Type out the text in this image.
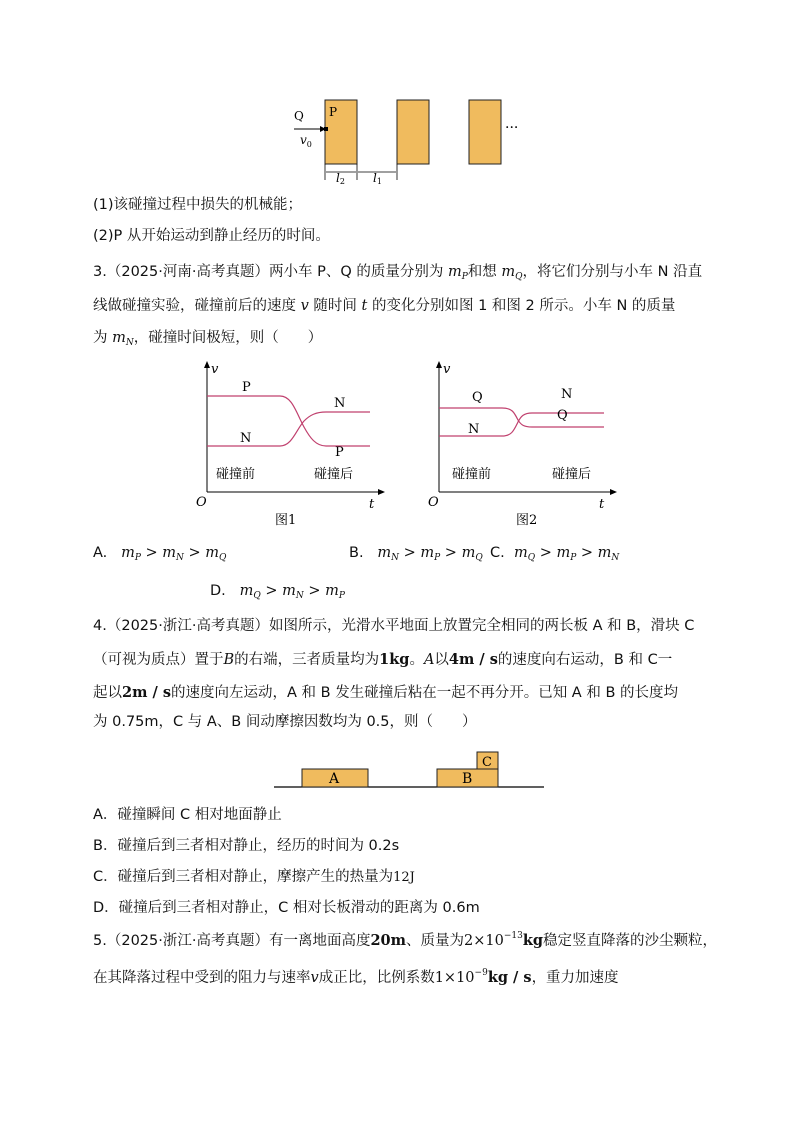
Q
$v_0$
P
···
l2 l1
(1)该碰撞过程中损失的机械能；
(2)P 从开始运动到静止经历的时间。
3.（2025·河南·高考真题）两小车 P、Q 的质量分别为 $m_P$和想 $m_Q$，将它们分别与小车 N 沿直
线做碰撞实验，碰撞前后的速度 v 随时间 t 的变化分别如图 1 和图 2 所示。小车 N 的质量
为 $m_N$，碰撞时间极短，则（　　）
v
t
O
P
N
N
P
碰撞前	碰撞后
图1
v
t
O
Q
N
N
Q
碰撞前	碰撞后
图2
A. $m_P > m_N > m_Q$	B. $m_N > m_P > m_Q$ C. $m_Q > m_P > m_N$
D. $m_Q > m_N > m_P$
4.（2025·浙江·高考真题）如图所示，光滑水平地面上放置完全相同的两长板 A 和 B，滑块 C
（可视为质点）置于B的右端，三者质量均为1kg。A以4m / s的速度向右运动，B 和 C一
起以2m / s的速度向左运动，A 和 B 发生碰撞后粘在一起不再分开。已知 A 和 B 的长度均
为 0.75m，C 与 A、B 间动摩擦因数均为 0.5，则（　　）
A	B
C
A．碰撞瞬间 C 相对地面静止
B．碰撞后到三者相对静止，经历的时间为 0.2s
C．碰撞后到三者相对静止，摩擦产生的热量为12J
D．碰撞后到三者相对静止，C 相对长板滑动的距离为 0.6m
5.（2025·浙江·高考真题）有一离地面高度20m、质量为$2\times 10^{-13}kg$稳定竖直降落的沙尘颗粒，
在其降落过程中受到的阻力与速率v成正比，比例系数$1\times 10^{-9}kg / s$，重力加速度
